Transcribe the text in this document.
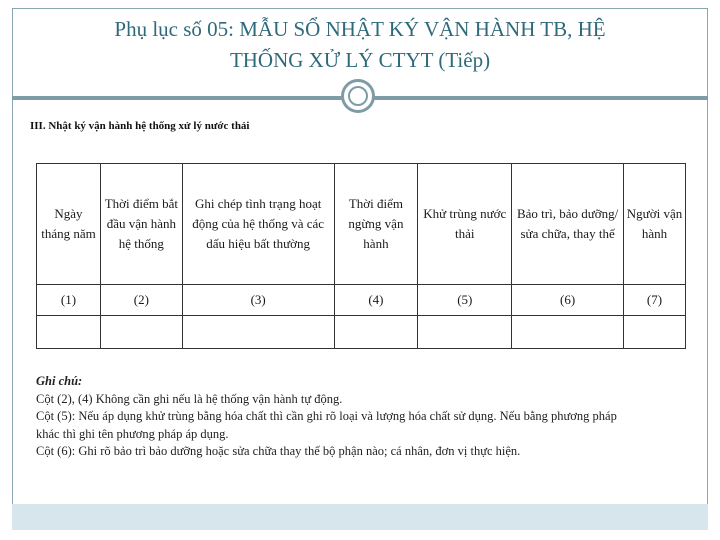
Phụ lục số 05: MẪU SỔ NHẬT KÝ VẬN HÀNH TB, HỆ
THỐNG XỬ LÝ CTYT (Tiếp)
III. Nhật ký vận hành hệ thống xử lý nước thải
Ngày tháng năm	Thời điểm bắt đầu vận hành hệ thống	Ghi chép tình trạng hoạt động của hệ thống và các dấu hiệu bất thường	Thời điểm ngừng vận hành	Khử trùng nước thải	Bảo trì, bảo dưỡng/ sửa chữa, thay thế	Người vận hành
(1)	(2)	(3)	(4)	(5)	(6)	(7)

Ghi chú:
Cột (2), (4) Không cần ghi nếu là hệ thống vận hành tự động.
Cột (5): Nếu áp dụng khử trùng bằng hóa chất thì cần ghi rõ loại và lượng hóa chất sử dụng. Nếu bằng phương pháp khác thì ghi tên phương pháp áp dụng.
Cột (6): Ghi rõ bảo trì bảo dưỡng hoặc sửa chữa thay thế bộ phận nào; cá nhân, đơn vị thực hiện.
